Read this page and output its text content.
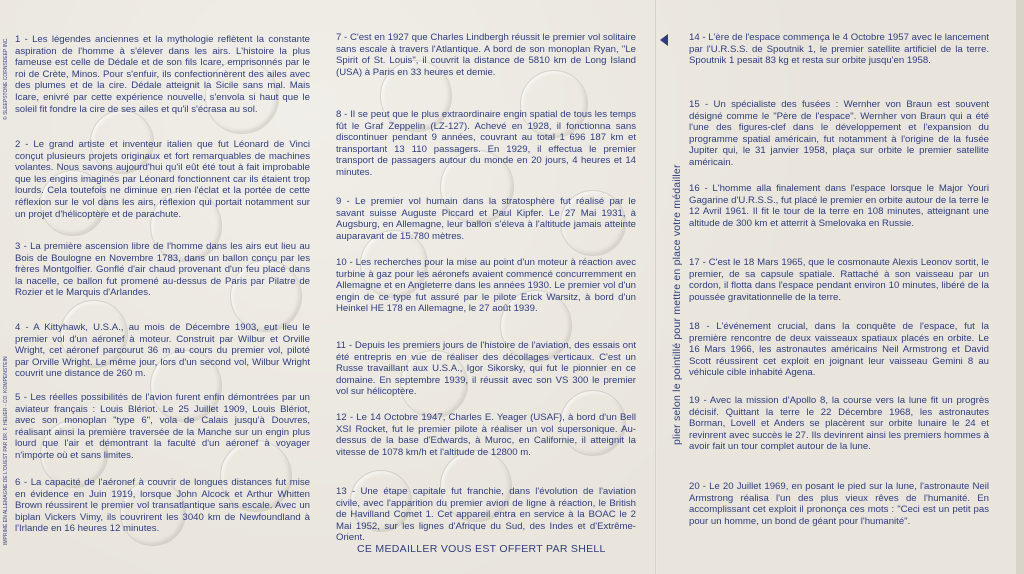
© SLEEPSTONE CORNSDEEP INC.
IMPRIMÉ EN ALLEMAGNE DE L'OUEST PAR DR. F. HEUER - CO. KOMPENSTEIN

1 - Les légendes anciennes et la mythologie reflètent la constante aspiration de l'homme à s'élever dans les airs. L'histoire la plus fameuse est celle de Dédale et de son fils Icare, emprisonnés par le roi de Crète, Minos. Pour s'enfuir, ils confectionnèrent des ailes avec des plumes et de la cire. Dédale atteignit la Sicile sans mal. Mais Icare, enivré par cette expérience nouvelle, s'envola si haut que le soleil fit fondre la cire de ses ailes et qu'il s'écrasa au sol.

2 - Le grand artiste et inventeur italien que fut Léonard de Vinci conçut plusieurs projets originaux et fort remarquables de machines volantes. Nous savons aujourd'hui qu'il eût été tout à fait improbable que les engins imaginés par Léonard fonctionnent car ils étaient trop lourds. Cela toutefois ne diminue en rien l'éclat et la portée de cette réflexion sur le vol dans les airs, réflexion qui portait notamment sur un projet d'hélicoptère et de parachute.

3 - La première ascension libre de l'homme dans les airs eut lieu au Bois de Boulogne en Novembre 1783, dans un ballon conçu par les frères Montgolfier. Gonflé d'air chaud provenant d'un feu placé dans la nacelle, ce ballon fut promené au-dessus de Paris par Pilatre de Rozier et le Marquis d'Arlandes.

4 - A Kittyhawk, U.S.A., au mois de Décembre 1903, eut lieu le premier vol d'un aéronef à moteur. Construit par Wilbur et Orville Wright, cet aéronef parcourut 36 m au cours du premier vol, piloté par Orville Wright. Le même jour, lors d'un second vol, Wilbur Wright couvrit une distance de 260 m.

5 - Les réelles possibilités de l'avion furent enfin démontrées par un aviateur français : Louis Blériot. Le 25 Juillet 1909, Louis Blériot, avec son monoplan "type 6", vola de Calais jusqu'à Douvres, réalisant ainsi la première traversée de la Manche sur un engin plus lourd que l'air et démontrant la faculté d'un aéronef à voyager n'importe où et sans limites.

6 - La capacité de l'aéronef à couvrir de longues distances fut mise en évidence en Juin 1919, lorsque John Alcock et Arthur Whitten Brown réussirent le premier vol transatlantique sans escale. Avec un biplan Vickers Vimy, ils couvrirent les 3040 km de Newfoundland à l'Irlande en 16 heures 12 minutes.

7 - C'est en 1927 que Charles Lindbergh réussit le premier vol solitaire sans escale à travers l'Atlantique. A bord de son monoplan Ryan, "Le Spirit of St. Louis", il couvrit la distance de 5810 km de Long Island (USA) à Paris en 33 heures et demie.

8 - Il se peut que le plus extraordinaire engin spatial de tous les temps fût le Graf Zeppelin (LZ-127). Achevé en 1928, il fonctionna sans discontinuer pendant 9 années, couvrant au total 1 696 187 km et transportant 13 110 passagers. En 1929, il effectua le premier transport de passagers autour du monde en 20 jours, 4 heures et 14 minutes.

9 - Le premier vol humain dans la stratosphère fut réalisé par le savant suisse Auguste Piccard et Paul Kipfer. Le 27 Mai 1931, à Augsburg, en Allemagne, leur ballon s'éleva à l'altitude jamais atteinte auparavant de 15.780 mètres.

10 - Les recherches pour la mise au point d'un moteur à réaction avec turbine à gaz pour les aéronefs avaient commencé concurremment en Allemagne et en Angleterre dans les années 1930. Le premier vol d'un engin de ce type fut assuré par le pilote Erick Warsitz, à bord d'un Heinkel HE 178 en Allemagne, le 27 août 1939.

11 - Depuis les premiers jours de l'histoire de l'aviation, des essais ont été entrepris en vue de réaliser des décollages verticaux. C'est un Russe travaillant aux U.S.A., Igor Sikorsky, qui fut le pionnier en ce domaine. En septembre 1939, il réussit avec son VS 300 le premier vol sur hélicoptère.

12 - Le 14 Octobre 1947, Charles E. Yeager (USAF), à bord d'un Bell XSI Rocket, fut le premier pilote à réaliser un vol supersonique. Au-dessus de la base d'Edwards, à Muroc, en Californie, il atteignit la vitesse de 1078 km/h et l'altitude de 12800 m.

13 - Une étape capitale fut franchie, dans l'évolution de l'aviation civile, avec l'apparition du premier avion de ligne à réaction, le British de Havilland Comet 1. Cet appareil entra en service à la BOAC le 2 Mai 1952, sur les lignes d'Afrique du Sud, des Indes et d'Extrême-Orient.

CE MEDAILLER VOUS EST OFFERT PAR SHELL
plier selon le pointillé pour mettre en place votre médailler

14 - L'ère de l'espace commença le 4 Octobre 1957 avec le lancement par l'U.R.S.S. de Spoutnik 1, le premier satellite artificiel de la terre. Spoutnik 1 pesait 83 kg et resta sur orbite jusqu'en 1958.

15 - Un spécialiste des fusées : Wernher von Braun est souvent désigné comme le "Père de l'espace". Wernher von Braun qui a été l'une des figures-clef dans le développement et l'expansion du programme spatial américain, fut notamment à l'origine de la fusée Jupiter qui, le 31 janvier 1958, plaça sur orbite le premier satellite américain.

16 - L'homme alla finalement dans l'espace lorsque le Major Youri Gagarine d'U.R.S.S., fut placé le premier en orbite autour de la terre le 12 Avril 1961. Il fit le tour de la terre en 108 minutes, atteignant une altitude de 300 km et atterrit à Smelovaka en Russie.

17 - C'est le 18 Mars 1965, que le cosmonaute Alexis Leonov sortit, le premier, de sa capsule spatiale. Rattaché à son vaisseau par un cordon, il flotta dans l'espace pendant environ 10 minutes, libéré de la poussée gravitationnelle de la terre.

18 - L'événement crucial, dans la conquête de l'espace, fut la première rencontre de deux vaisseaux spatiaux placés en orbite. Le 16 Mars 1966, les astronautes américains Neil Armstrong et David Scott réussirent cet exploit en joignant leur vaisseau Gemini 8 au véhicule cible inhabité Agena.

19 - Avec la mission d'Apollo 8, la course vers la lune fit un progrès décisif. Quittant la terre le 22 Décembre 1968, les astronautes Borman, Lovell et Anders se placèrent sur orbite lunaire le 24 et revinrent avec succès le 27. Ils devinrent ainsi les premiers hommes à avoir fait un tour complet autour de la lune.

20 - Le 20 Juillet 1969, en posant le pied sur la lune, l'astronaute Neil Armstrong réalisa l'un des plus vieux rêves de l'humanité. En accomplissant cet exploit il prononça ces mots : "Ceci est un petit pas pour un homme, un bond de géant pour l'humanité".
